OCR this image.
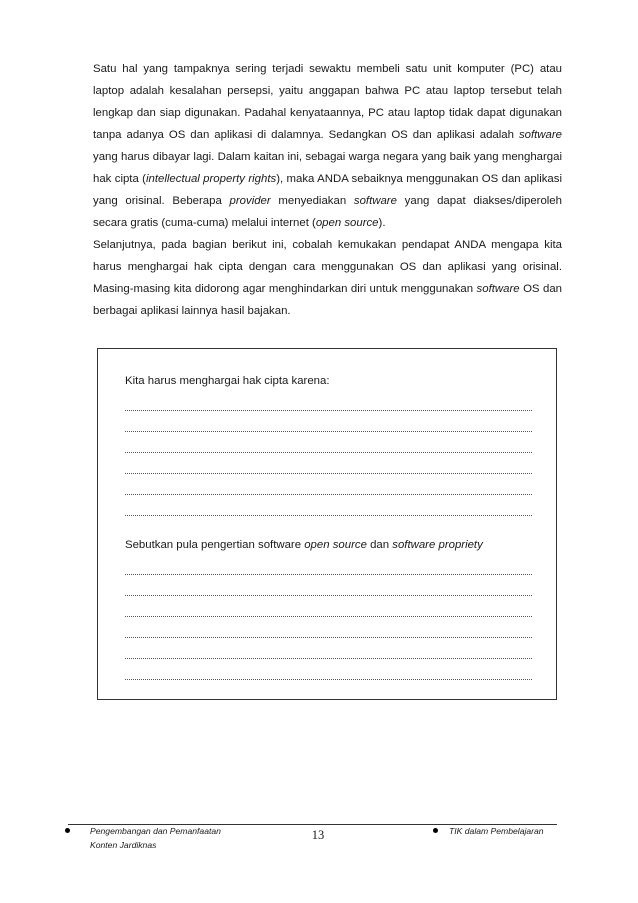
Satu hal yang tampaknya sering terjadi sewaktu membeli satu unit komputer (PC) atau laptop adalah kesalahan persepsi, yaitu anggapan bahwa PC atau laptop tersebut telah lengkap dan siap digunakan. Padahal kenyataannya, PC atau laptop tidak dapat digunakan tanpa adanya OS dan aplikasi di dalamnya. Sedangkan OS dan aplikasi adalah software yang harus dibayar lagi. Dalam kaitan ini, sebagai warga negara yang baik yang menghargai hak cipta (intellectual property rights), maka ANDA sebaiknya menggunakan OS dan aplikasi yang orisinal. Beberapa provider menyediakan software yang dapat diakses/diperoleh secara gratis (cuma-cuma) melalui internet (open source).

Selanjutnya, pada bagian berikut ini, cobalah kemukakan pendapat ANDA mengapa kita harus menghargai hak cipta dengan cara menggunakan OS dan aplikasi yang orisinal. Masing-masing kita didorong agar menghindarkan diri untuk menggunakan software OS dan berbagai aplikasi lainnya hasil bajakan.

Kita harus menghargai hak cipta karena:

Sebutkan pula pengertian software open source dan software propriety

Pengembangan dan Pemanfaatan
Konten Jardiknas
13	TIK dalam Pembelajaran
